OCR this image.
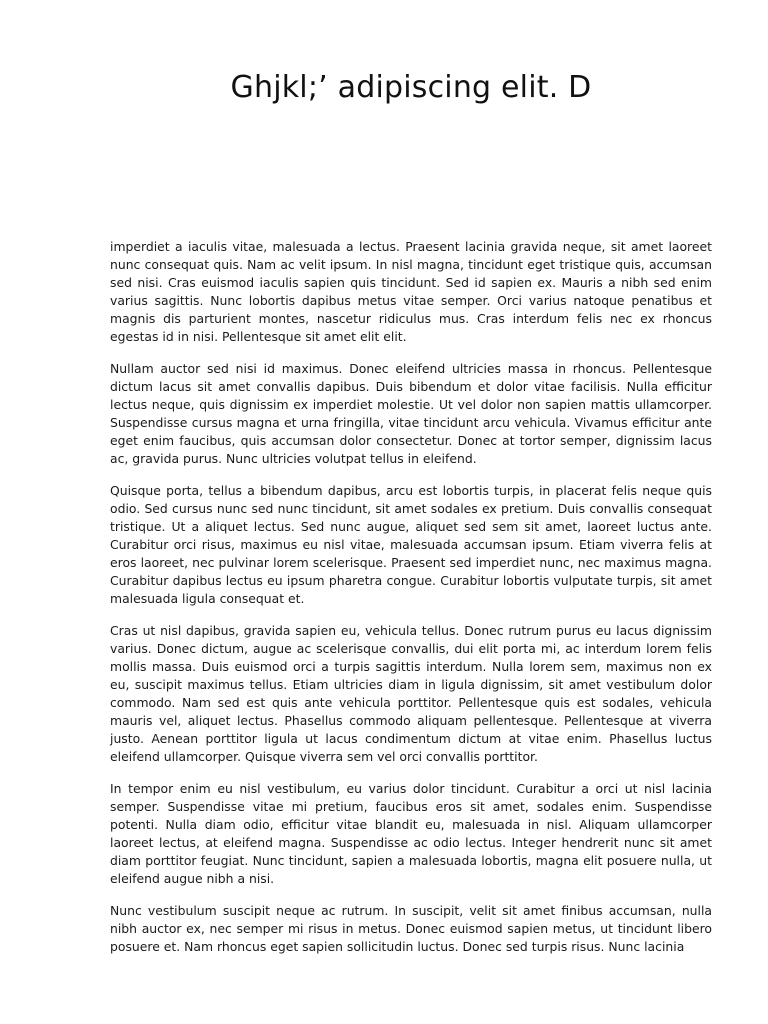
Ghjkl;’ adipiscing elit. D

imperdiet a iaculis vitae, malesuada a lectus. Praesent lacinia gravida neque, sit amet laoreet nunc consequat quis. Nam ac velit ipsum. In nisl magna, tincidunt eget tristique quis, accumsan sed nisi. Cras euismod iaculis sapien quis tincidunt. Sed id sapien ex. Mauris a nibh sed enim varius sagittis. Nunc lobortis dapibus metus vitae semper. Orci varius natoque penatibus et magnis dis parturient montes, nascetur ridiculus mus. Cras interdum felis nec ex rhoncus egestas id in nisi. Pellentesque sit amet elit elit.

Nullam auctor sed nisi id maximus. Donec eleifend ultricies massa in rhoncus. Pellentesque dictum lacus sit amet convallis dapibus. Duis bibendum et dolor vitae facilisis. Nulla efficitur lectus neque, quis dignissim ex imperdiet molestie. Ut vel dolor non sapien mattis ullamcorper. Suspendisse cursus magna et urna fringilla, vitae tincidunt arcu vehicula. Vivamus efficitur ante eget enim faucibus, quis accumsan dolor consectetur. Donec at tortor semper, dignissim lacus ac, gravida purus. Nunc ultricies volutpat tellus in eleifend.

Quisque porta, tellus a bibendum dapibus, arcu est lobortis turpis, in placerat felis neque quis odio. Sed cursus nunc sed nunc tincidunt, sit amet sodales ex pretium. Duis convallis consequat tristique. Ut a aliquet lectus. Sed nunc augue, aliquet sed sem sit amet, laoreet luctus ante. Curabitur orci risus, maximus eu nisl vitae, malesuada accumsan ipsum. Etiam viverra felis at eros laoreet, nec pulvinar lorem scelerisque. Praesent sed imperdiet nunc, nec maximus magna. Curabitur dapibus lectus eu ipsum pharetra congue. Curabitur lobortis vulputate turpis, sit amet malesuada ligula consequat et.

Cras ut nisl dapibus, gravida sapien eu, vehicula tellus. Donec rutrum purus eu lacus dignissim varius. Donec dictum, augue ac scelerisque convallis, dui elit porta mi, ac interdum lorem felis mollis massa. Duis euismod orci a turpis sagittis interdum. Nulla lorem sem, maximus non ex eu, suscipit maximus tellus. Etiam ultricies diam in ligula dignissim, sit amet vestibulum dolor commodo. Nam sed est quis ante vehicula porttitor. Pellentesque quis est sodales, vehicula mauris vel, aliquet lectus. Phasellus commodo aliquam pellentesque. Pellentesque at viverra justo. Aenean porttitor ligula ut lacus condimentum dictum at vitae enim. Phasellus luctus eleifend ullamcorper. Quisque viverra sem vel orci convallis porttitor.

In tempor enim eu nisl vestibulum, eu varius dolor tincidunt. Curabitur a orci ut nisl lacinia semper. Suspendisse vitae mi pretium, faucibus eros sit amet, sodales enim. Suspendisse potenti. Nulla diam odio, efficitur vitae blandit eu, malesuada in nisl. Aliquam ullamcorper laoreet lectus, at eleifend magna. Suspendisse ac odio lectus. Integer hendrerit nunc sit amet diam porttitor feugiat. Nunc tincidunt, sapien a malesuada lobortis, magna elit posuere nulla, ut eleifend augue nibh a nisi.

Nunc vestibulum suscipit neque ac rutrum. In suscipit, velit sit amet finibus accumsan, nulla nibh auctor ex, nec semper mi risus in metus. Donec euismod sapien metus, ut tincidunt libero posuere et. Nam rhoncus eget sapien sollicitudin luctus. Donec sed turpis risus. Nunc lacinia
